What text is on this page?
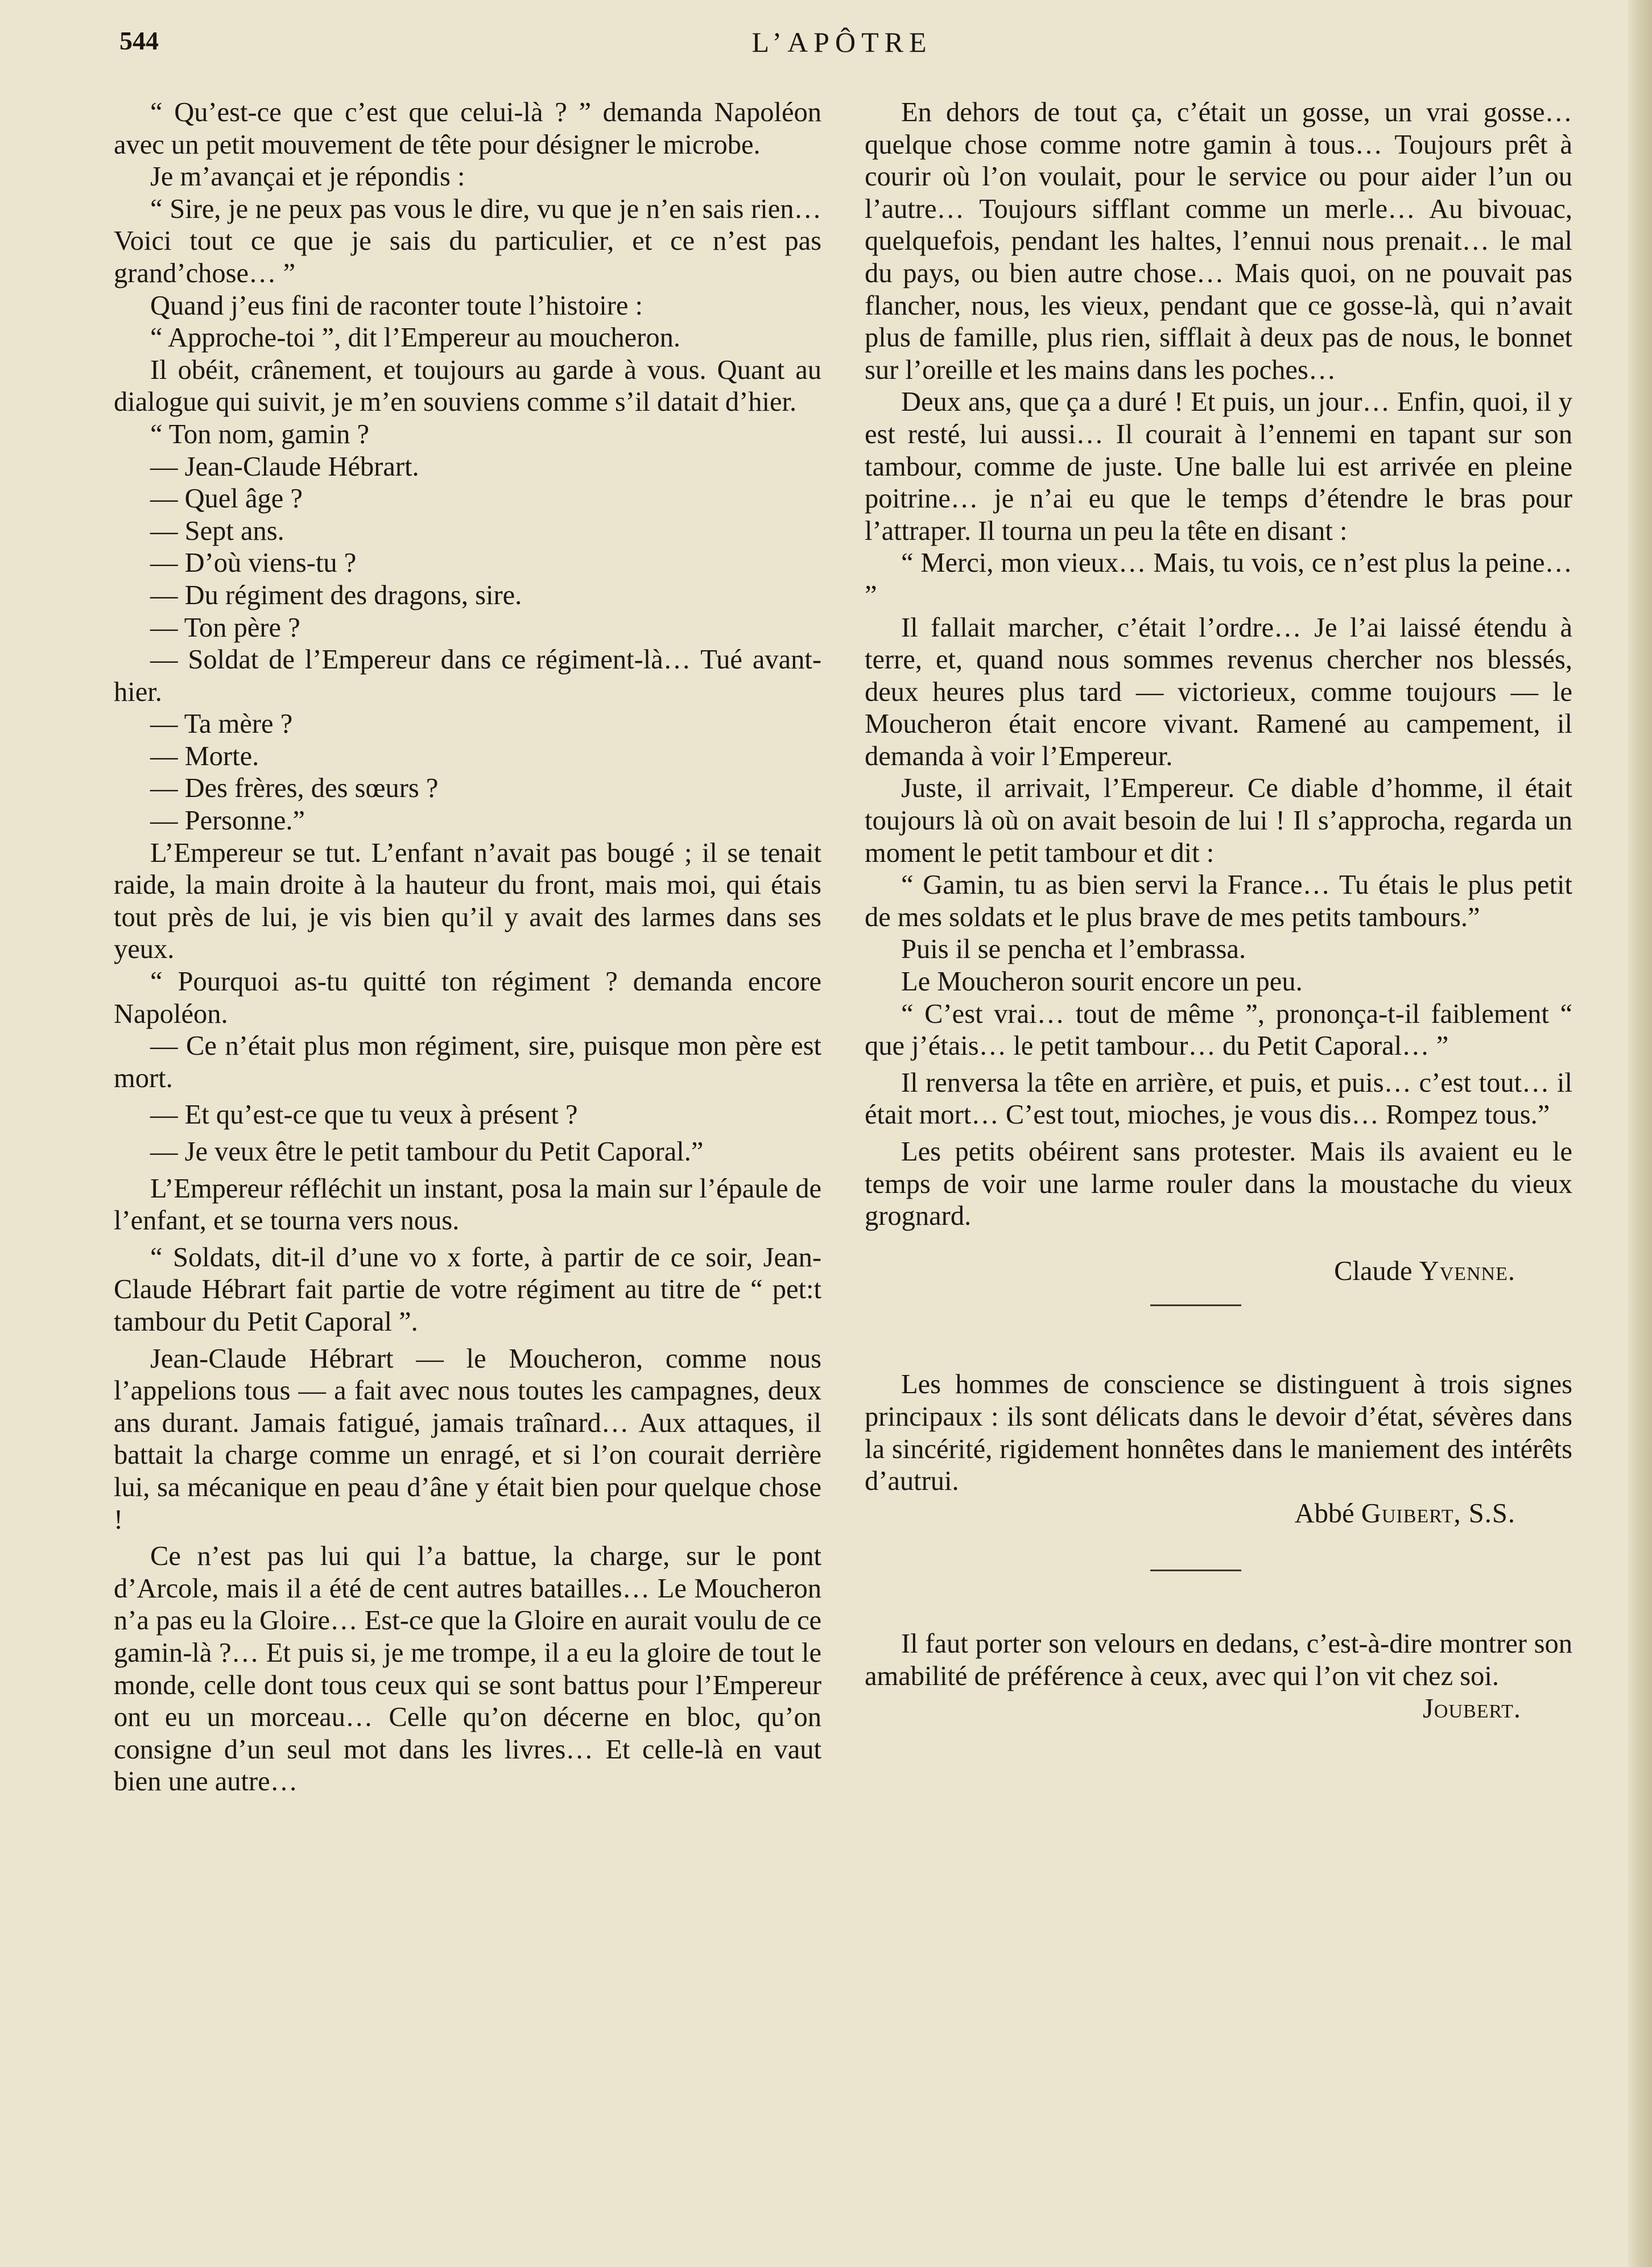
544	L’APÔTRE

“ Qu’est-ce que c’est que celui-là ? ” demanda Napoléon avec un petit mouvement de tête pour désigner le microbe.

Je m’avançai et je répondis :

“ Sire, je ne peux pas vous le dire, vu que je n’en sais rien… Voici tout ce que je sais du particulier, et ce n’est pas grand’chose… ”

Quand j’eus fini de raconter toute l’histoire :

“ Approche-toi ”, dit l’Empereur au moucheron.

Il obéit, crânement, et toujours au garde à vous. Quant au dialogue qui suivit, je m’en souviens comme s’il datait d’hier.

“ Ton nom, gamin ?

— Jean-Claude Hébrart.

— Quel âge ?

— Sept ans.

— D’où viens-tu ?

— Du régiment des dragons, sire.

— Ton père ?

— Soldat de l’Empereur dans ce régiment-là… Tué avant-hier.

— Ta mère ?

— Morte.

— Des frères, des sœurs ?

— Personne.”

L’Empereur se tut. L’enfant n’avait pas bougé ; il se tenait raide, la main droite à la hauteur du front, mais moi, qui étais tout près de lui, je vis bien qu’il y avait des larmes dans ses yeux.

“ Pourquoi as-tu quitté ton régiment ? demanda encore Napoléon.

— Ce n’était plus mon régiment, sire, puisque mon père est mort.

— Et qu’est-ce que tu veux à présent ?

— Je veux être le petit tambour du Petit Caporal.”

L’Empereur réfléchit un instant, posa la main sur l’épaule de l’enfant, et se tourna vers nous.

“ Soldats, dit-il d’une vo x forte, à partir de ce soir, Jean-Claude Hébrart fait partie de votre régiment au titre de “ pet:t tambour du Petit Caporal ”.

Jean-Claude Hébrart — le Moucheron, comme nous l’appelions tous — a fait avec nous toutes les campagnes, deux ans durant. Jamais fatigué, jamais traînard… Aux attaques, il battait la charge comme un enragé, et si l’on courait derrière lui, sa mécanique en peau d’âne y était bien pour quelque chose !

Ce n’est pas lui qui l’a battue, la charge, sur le pont d’Arcole, mais il a été de cent autres batailles… Le Moucheron n’a pas eu la Gloire… Est-ce que la Gloire en aurait voulu de ce gamin-là ?… Et puis si, je me trompe, il a eu la gloire de tout le monde, celle dont tous ceux qui se sont battus pour l’Empereur ont eu un morceau… Celle qu’on décerne en bloc, qu’on consigne d’un seul mot dans les livres… Et celle-là en vaut bien une autre…

En dehors de tout ça, c’était un gosse, un vrai gosse… quelque chose comme notre gamin à tous… Toujours prêt à courir où l’on voulait, pour le service ou pour aider l’un ou l’autre… Toujours sifflant comme un merle… Au bivouac, quelquefois, pendant les haltes, l’ennui nous prenait… le mal du pays, ou bien autre chose… Mais quoi, on ne pouvait pas flancher, nous, les vieux, pendant que ce gosse-là, qui n’avait plus de famille, plus rien, sifflait à deux pas de nous, le bonnet sur l’oreille et les mains dans les poches…

Deux ans, que ça a duré ! Et puis, un jour… Enfin, quoi, il y est resté, lui aussi… Il courait à l’ennemi en tapant sur son tambour, comme de juste. Une balle lui est arrivée en pleine poitrine… je n’ai eu que le temps d’étendre le bras pour l’attraper. Il tourna un peu la tête en disant :

“ Merci, mon vieux… Mais, tu vois, ce n’est plus la peine… ”

Il fallait marcher, c’était l’ordre… Je l’ai laissé étendu à terre, et, quand nous sommes revenus chercher nos blessés, deux heures plus tard — victorieux, comme toujours — le Moucheron était encore vivant. Ramené au campement, il demanda à voir l’Empereur.

Juste, il arrivait, l’Empereur. Ce diable d’homme, il était toujours là où on avait besoin de lui ! Il s’approcha, regarda un moment le petit tambour et dit :

“ Gamin, tu as bien servi la France… Tu étais le plus petit de mes soldats et le plus brave de mes petits tambours.”

Puis il se pencha et l’embrassa.

Le Moucheron sourit encore un peu.

“ C’est vrai… tout de même ”, prononça-t-il faiblement “ que j’étais… le petit tambour… du Petit Caporal… ”

Il renversa la tête en arrière, et puis, et puis… c’est tout… il était mort… C’est tout, mioches, je vous dis… Rompez tous.”

Les petits obéirent sans protester. Mais ils avaient eu le temps de voir une larme rouler dans la moustache du vieux grognard.

Claude Yvenne.

Les hommes de conscience se distinguent à trois signes principaux : ils sont délicats dans le devoir d’état, sévères dans la sincérité, rigidement honnêtes dans le maniement des intérêts d’autrui.

Abbé Guibert, S.S.

Il faut porter son velours en dedans, c’est-à-dire montrer son amabilité de préférence à ceux, avec qui l’on vit chez soi.

Joubert.
